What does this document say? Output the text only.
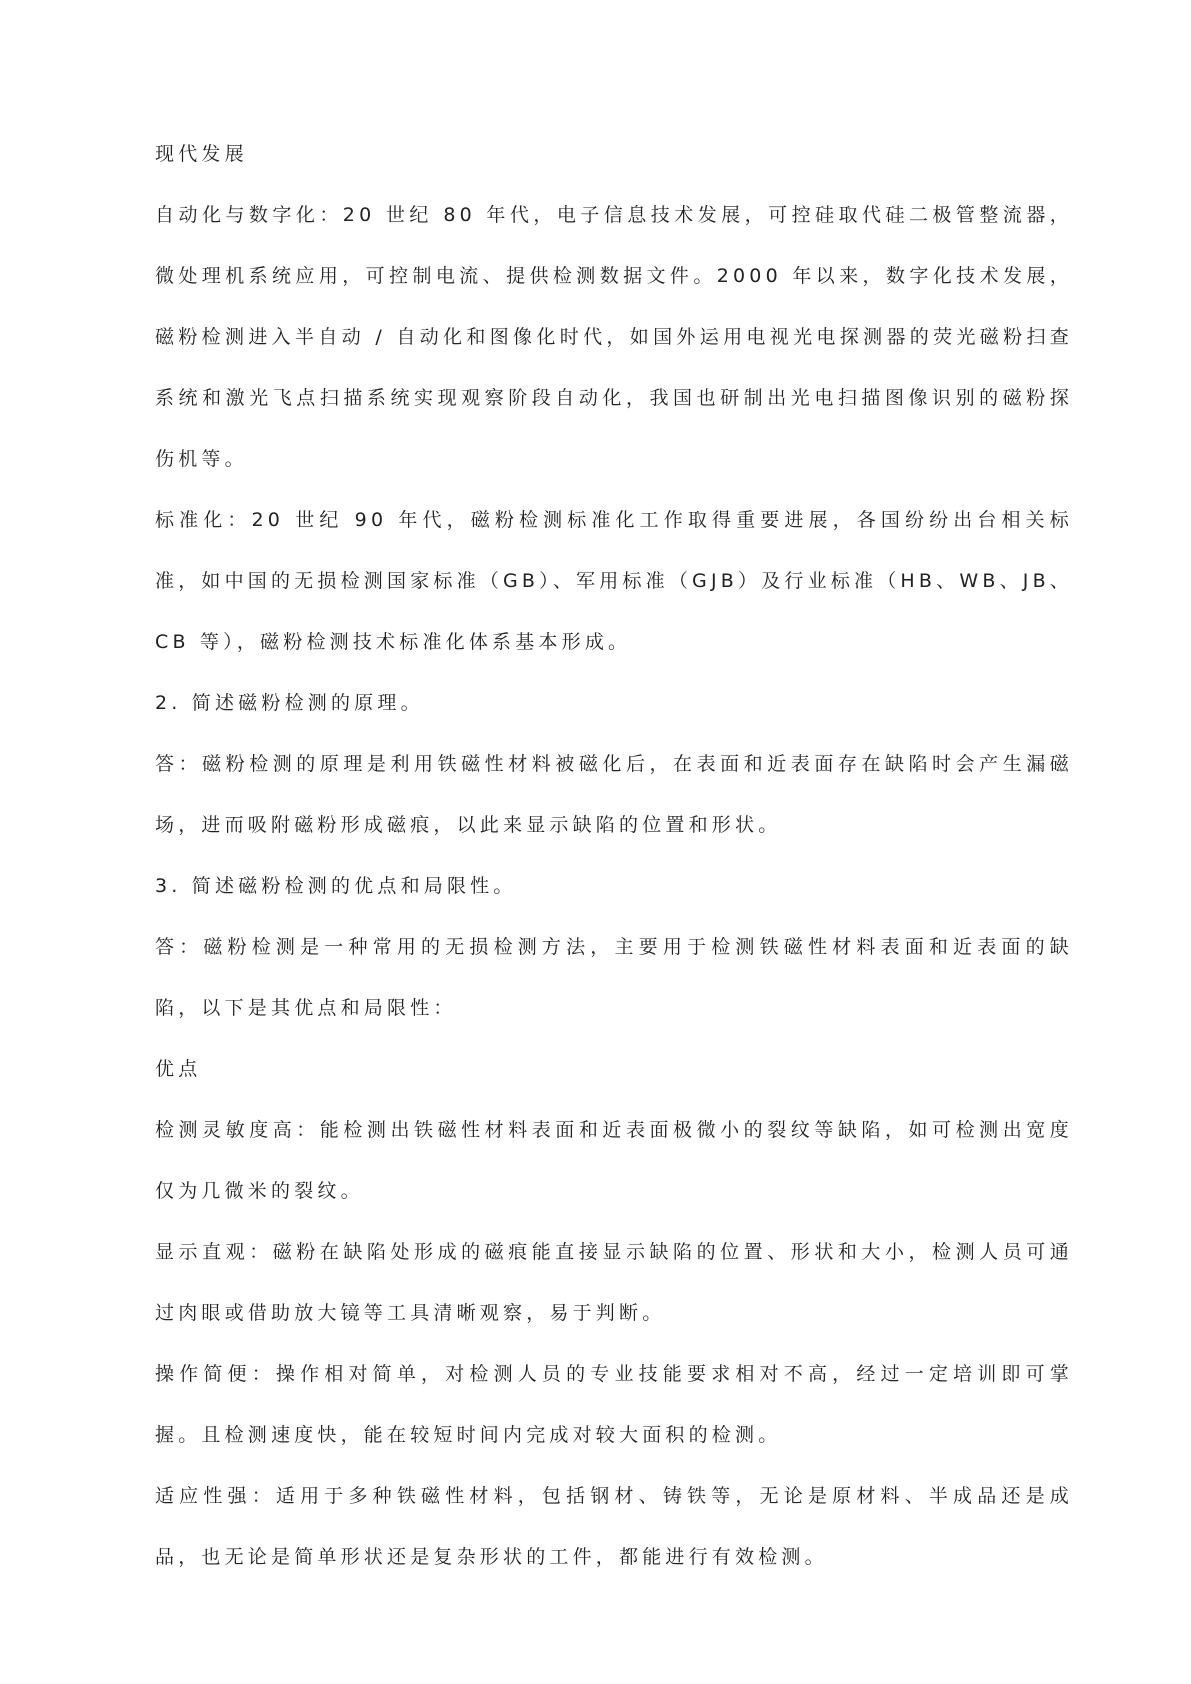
现代发展

自动化与数字化：20 世纪 80 年代，电子信息技术发展，可控硅取代硅二极管整流器，微处理机系统应用，可控制电流、提供检测数据文件。2000 年以来，数字化技术发展，磁粉检测进入半自动 / 自动化和图像化时代，如国外运用电视光电探测器的荧光磁粉扫查系统和激光飞点扫描系统实现观察阶段自动化，我国也研制出光电扫描图像识别的磁粉探伤机等。

标准化：20 世纪 90 年代，磁粉检测标准化工作取得重要进展，各国纷纷出台相关标准，如中国的无损检测国家标准（GB）、军用标准（GJB）及行业标准（HB、WB、JB、CB 等），磁粉检测技术标准化体系基本形成。

2. 简述磁粉检测的原理。

答：磁粉检测的原理是利用铁磁性材料被磁化后，在表面和近表面存在缺陷时会产生漏磁场，进而吸附磁粉形成磁痕，以此来显示缺陷的位置和形状。

3. 简述磁粉检测的优点和局限性。

答：磁粉检测是一种常用的无损检测方法，主要用于检测铁磁性材料表面和近表面的缺陷，以下是其优点和局限性：

优点

检测灵敏度高：能检测出铁磁性材料表面和近表面极微小的裂纹等缺陷，如可检测出宽度仅为几微米的裂纹。

显示直观：磁粉在缺陷处形成的磁痕能直接显示缺陷的位置、形状和大小，检测人员可通过肉眼或借助放大镜等工具清晰观察，易于判断。

操作简便：操作相对简单，对检测人员的专业技能要求相对不高，经过一定培训即可掌握。且检测速度快，能在较短时间内完成对较大面积的检测。

适应性强：适用于多种铁磁性材料，包括钢材、铸铁等，无论是原材料、半成品还是成品，也无论是简单形状还是复杂形状的工件，都能进行有效检测。
